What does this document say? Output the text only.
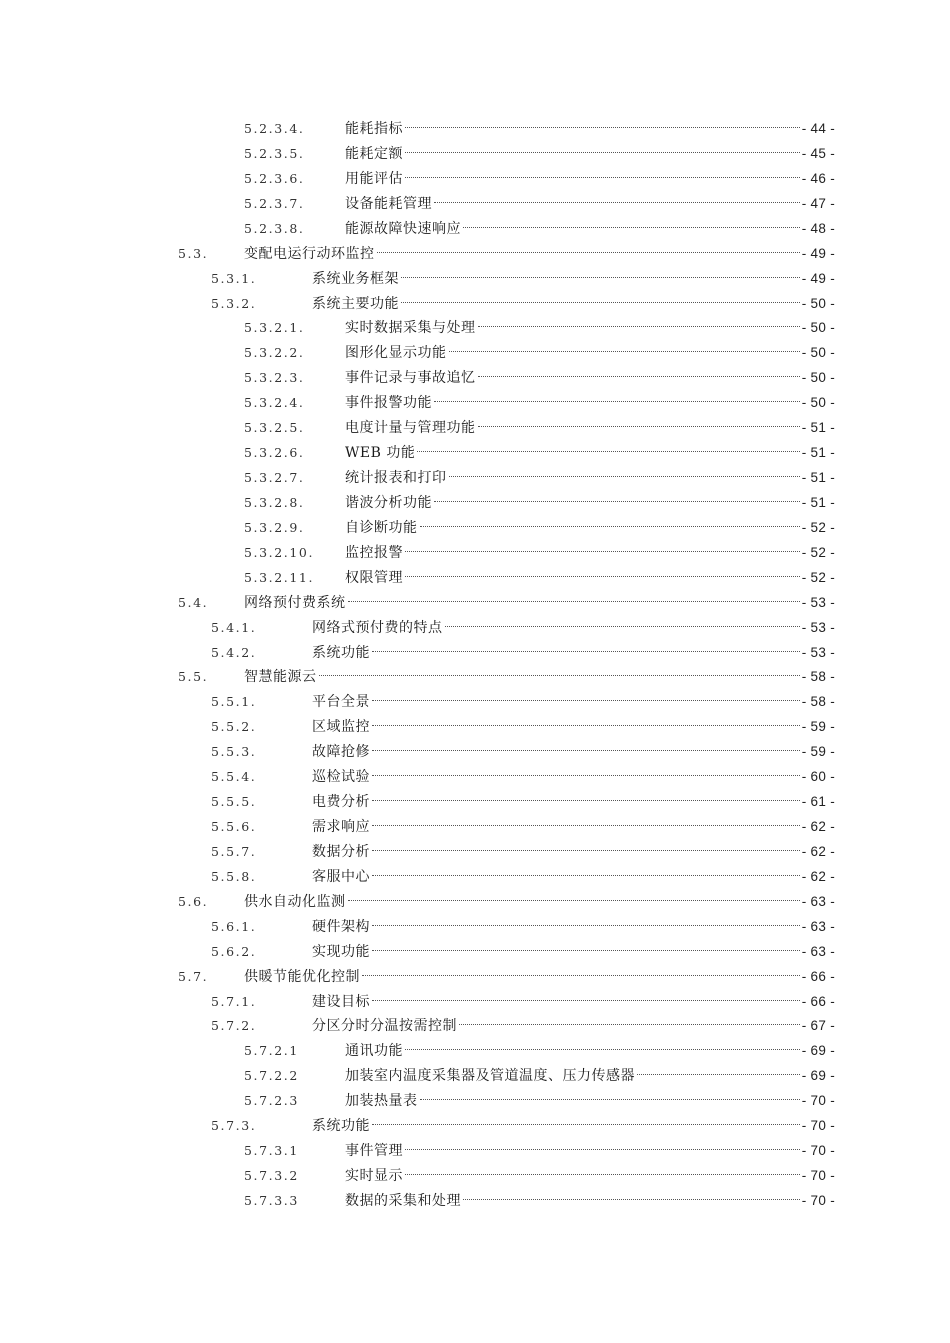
5.2.3.4.	能耗指标	- 44 -
5.2.3.5.	能耗定额	- 45 -
5.2.3.6.	用能评估	- 46 -
5.2.3.7.	设备能耗管理	- 47 -
5.2.3.8.	能源故障快速响应	- 48 -
5.3.	变配电运行动环监控	- 49 -
5.3.1.	系统业务框架	- 49 -
5.3.2.	系统主要功能	- 50 -
5.3.2.1.	实时数据采集与处理	- 50 -
5.3.2.2.	图形化显示功能	- 50 -
5.3.2.3.	事件记录与事故追忆	- 50 -
5.3.2.4.	事件报警功能	- 50 -
5.3.2.5.	电度计量与管理功能	- 51 -
5.3.2.6.	WEB 功能	- 51 -
5.3.2.7.	统计报表和打印	- 51 -
5.3.2.8.	谐波分析功能	- 51 -
5.3.2.9.	自诊断功能	- 52 -
5.3.2.10. 监控报警	- 52 -
5.3.2.11. 权限管理	- 52 -
5.4.	网络预付费系统	- 53 -
5.4.1.	网络式预付费的特点	- 53 -
5.4.2.	系统功能	- 53 -
5.5.	智慧能源云	- 58 -
5.5.1.	平台全景	- 58 -
5.5.2.	区域监控	- 59 -
5.5.3.	故障抢修	- 59 -
5.5.4.	巡检试验	- 60 -
5.5.5.	电费分析	- 61 -
5.5.6.	需求响应	- 62 -
5.5.7.	数据分析	- 62 -
5.5.8.	客服中心	- 62 -
5.6.	供水自动化监测	- 63 -
5.6.1.	硬件架构	- 63 -
5.6.2.	实现功能	- 63 -
5.7.	供暖节能优化控制	- 66 -
5.7.1.	建设目标	- 66 -
5.7.2.	分区分时分温按需控制	- 67 -
5.7.2.1	通讯功能	- 69 -
5.7.2.2	加装室内温度采集器及管道温度、压力传感器	- 69 -
5.7.2.3	加装热量表	- 70 -
5.7.3.	系统功能	- 70 -
5.7.3.1	事件管理	- 70 -
5.7.3.2	实时显示	- 70 -
5.7.3.3	数据的采集和处理	- 70 -
